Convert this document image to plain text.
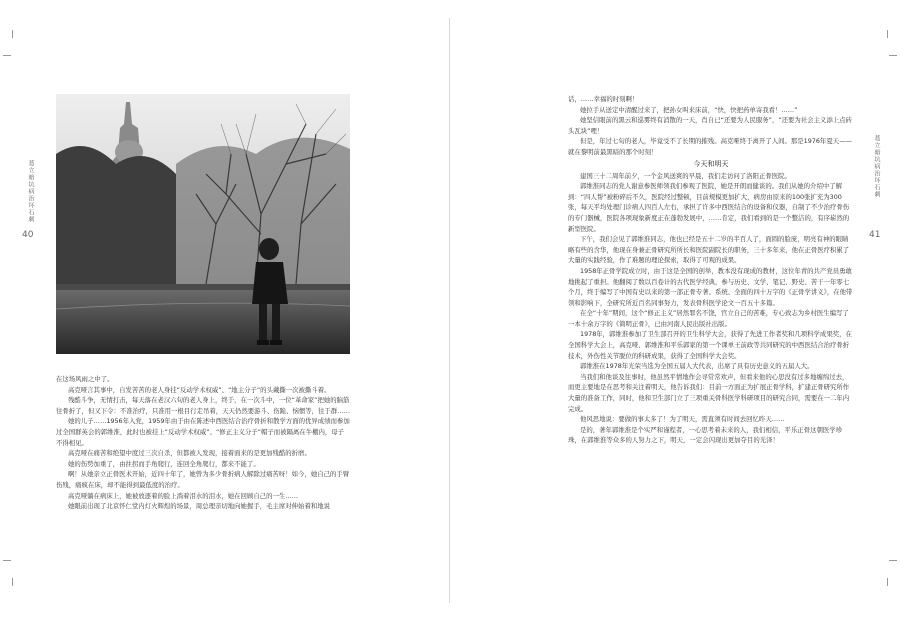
葛立暗坑病治坏石刺
40

在这场风雨之中了。

高克哑言其事中，自发苦苦的老人身挂“反动学术权威”、“地主分子”的头戴撕一次被撕斗着。

残酷斗争，无情打击，每天落在老汉六旬的老人身上，终于，在一次斗中，一位“革命家”把她的脑筋往骨折了，但又下令：不准治疗，只准用一根目行走吊着，天天仍然要游斗、伤跪、恼惯等，往于群……

她的儿子……1956年入党，1959年由于由在陈述中西医结合治疗骨折和散学方面的优异成绩而参加过全国群英会的郭维淮，此时也被挂上“反动学术权威”、“修正主义分子”帽子而被隔离在牛棚内，母子不得相见。

高克哑在痛苦和绝望中度过三次自杀，但都被人发现，接着面来的是更加残酷的折磨。

她的伤势加重了，由拄拐而手角爬行，连回全角爬行，都来不能了。

啊！从她亲立正骨医术开始，近四十年了，她曾为多少骨折病人解除过痛苦呀！如今，她自己的手臂伤残，痛疯在床，却不能得到最低度的治疗。

高克哑躺在病床上，她被放逐着的脸上淌着泪水的泪水，她在回顾自己的一生……

她眼前出现了北京怀仁堂内灯火辉煌的场景，周总理亲切地向她握手，毛主席对伸始着和地说

葛立暗坑病治坏石刺
41

话，……幸福的时刻啊！

她拉手从送定中清醒过来了，把孙女叫来床前，“快，快把药单寄我看！……”

她坚信眼前的黑云和巡雾终有消散的一天，肖自已“还要为人民服务”，“还要为社会主义添上点砖头瓦块”哩！

但是，年过七旬的老人，毕竟受不了长期的摧残。高克哑终于离开了人间。那是1976年夏天——就在黎明前最黑暗的那个时刻！

今天和明天

建国三十二周年前夕，一个金风送爽的早晨，我们走访问了洛阳正骨医院。

郭维淮同志的党人谢意参医师领我们参观了医院，她是开朗而健谈的。我们从她的介绍中了解到：“四人帮”被粉碎后不久，医院经过整顿，目前规模更加扩大，病房由原来的100张扩充为300张，每天平均处理门诊病人四百人左右，承担了许多中西医结合的设备和仪器，自制了不少治疗骨伤的专门器械，医院各项现象新度正在蓬勃发展中，……肯定，我们看到的是一个整洁的，有序崭然的新型医院。

下午，我们会见了郭维淮同志，他也已经是五十二岁的半百人了，面圆的脸庞，明亮有神的眼睛略有些的含华，他现在身兼正骨研究所所长和医院副院长的职务，三十多年来，他在正骨医疗积累了大量的实践经验，作了难题的理论探索，取得了可观的成果。

1958年正骨学院成立时，由于这是全国的创举，教本没有现成的教材，这位年青的共产党员勇敢地挑起了重担。他翻阅了数以百卷计的古代医学经典，参与历史、文学、笔记、野史、苦干一年零七个月，终于编写了中国有史以来的第一部正骨专著、系统、全面的四十万字的《正骨学讲义》，在他带领和影响下，全研究所近百名同事努力，发表骨科医学论文一百五十多篇。

在全“十年”期间，这个“修正主义”居然罪名不饶，官立自己的苦难，专心致志为乡村医生编写了一本十余万字的《简明正骨》，已由河南人民出版社出版。

1978年，郭维淮参加了卫生部召开的卫生科学大会，获得了先进工作者奖和几项科学成果奖，在全国科学大会上，高克哑、郭维淮和平乐郭家的第一个课单王前政等共同研究的中西医结合治疗骨折技术，外伤性关节脱位的科研成果，获得了全国科学大会奖。

郭维淮在1978年光荣当选为全国五届人大代表，出席了具有历史意义的五届人大。

当我们和他谈及往事时，他虽然平情地作会寻常常欢声，但看来他的心思没有过多地缠绵过去，而更主要地是在思考和关注着明天，他告诉我们：目前一方面正为扩展正骨学科，扩建正骨研究所作大量的准备工作，同时，他和卫生部门立了三项重关骨科医学科研项目的研究合同，需要在一二年内完成。

他风思地说：要做的事太多了！为了明天，需直须有时间去回忆昨天……

是的，著年郭维淮是个实严和谨程者，一心思考着未来的人，我们相信，平乐正骨这朝医学珍珠，在郭维淮等众多的人努力之下，明天，一定会闪现出更加夺目的光泽！
